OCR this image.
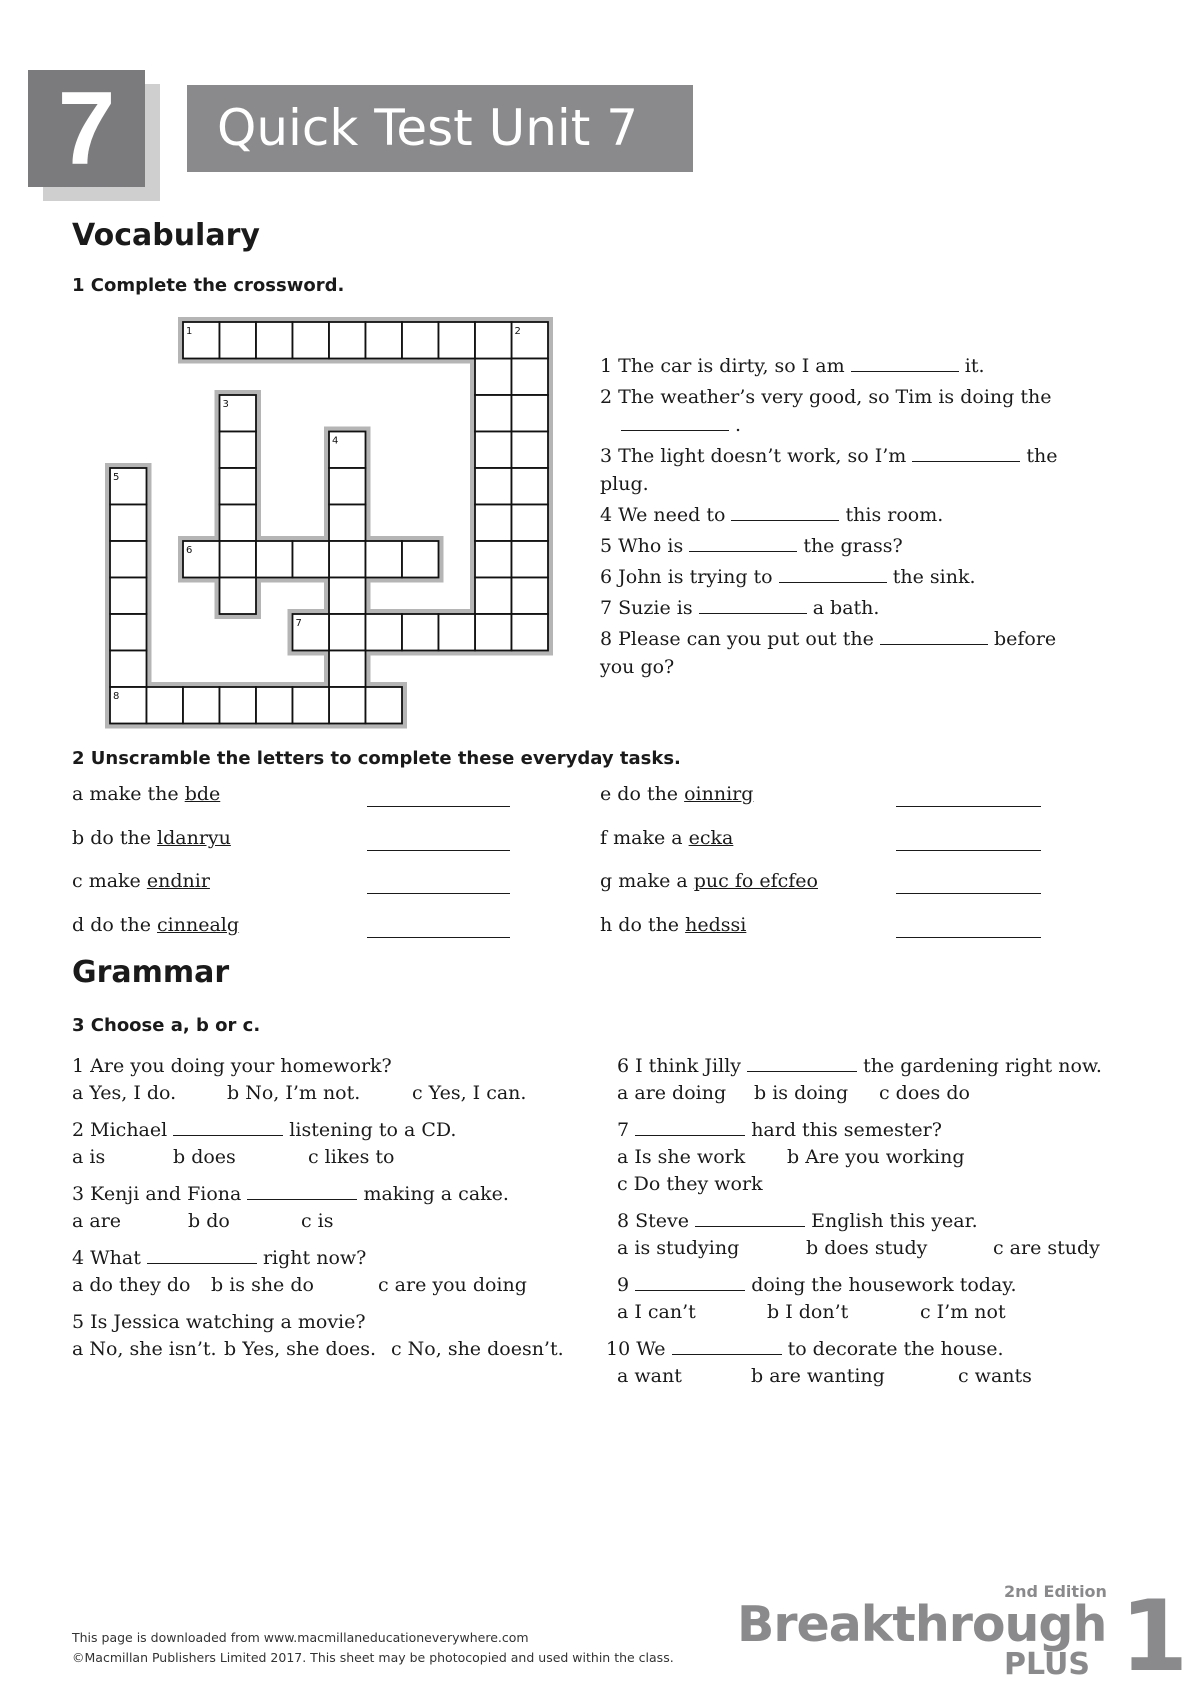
7	Quick Test Unit 7
Vocabulary
1 Complete the crossword.
1	2
3
4
5
6
7
8
1 The car is dirty, so I am	it.
2 The weather’s very good, so Tim is doing the
.
3 The light doesn’t work, so I’m	the plug.
4 We need to	this room.
5 Who is	the grass?
6 John is trying to	the sink.
7 Suzie is	a bath.
8 Please can you put out the	before you go?
2 Unscramble the letters to complete these everyday tasks.
a make the bde
b do the ldanryu
c make endnir
d do the cinnealg
e do the oinnirg
f make a ecka
g make a puc fo efcfeo
h do the hedssi
Grammar
3 Choose a, b or c.
1 Are you doing your homework?
a Yes, I do.	b No, I’m not.	c Yes, I can.
2 Michael	listening to a CD.
a is	b does	c likes to
3 Kenji and Fiona	making a cake.
a are	b do	c is
4 What	right now?
a do they do b is she do	c are you doing
5 Is Jessica watching a movie?
a No, she isn’t. b Yes, she does. c No, she doesn’t.
6 I think Jilly	the gardening right now.
a are doing b is doing c does do
7	hard this semester?
a Is she work b Are you working
c Do they work
8 Steve	English this year.
a is studying	b does study	c are study
9	doing the housework today.
a I can’t	b I don’t	c I’m not
10 We	to decorate the house.
a want	b are wanting	c wants
This page is downloaded from www.macmillaneducationeverywhere.com
©Macmillan Publishers Limited 2017. This sheet may be photocopied and used within the class.
2nd Edition
Breakthrough
PLUS 1
